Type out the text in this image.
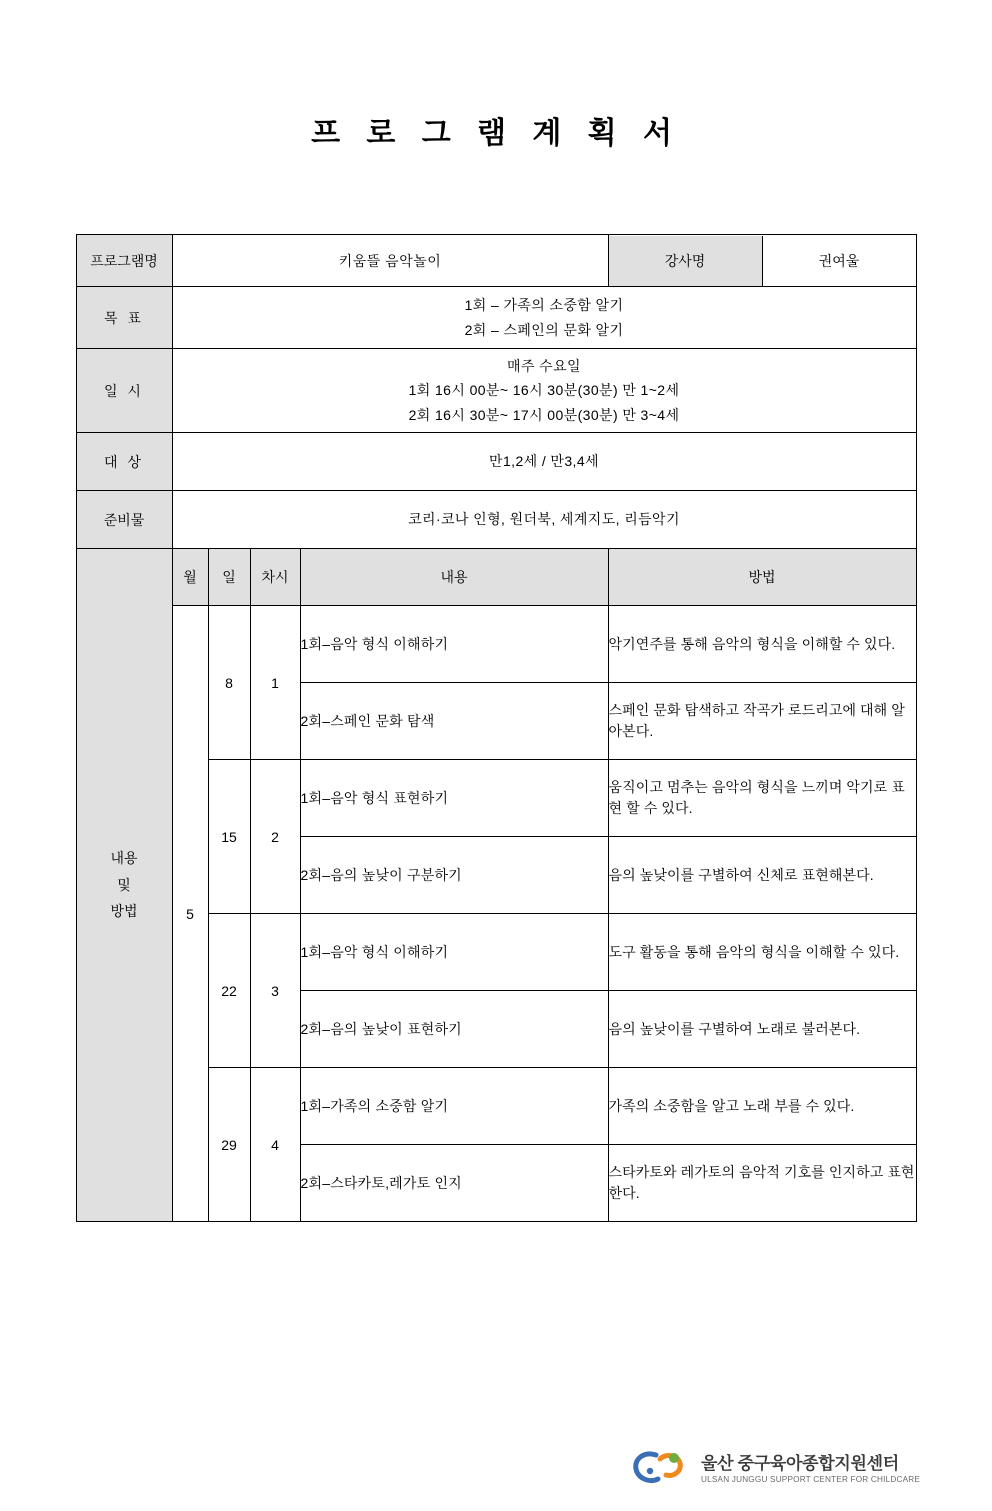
프 로 그 램 계 획 서
프로그램명	키움뜰 음악놀이		강사명	권여울

목 표	
1회 – 가족의 소중함 알기
2회 – 스페인의 문화 알기

일 시	
매주 수요일
1회 16시 00분~ 16시 30분(30분) 만 1~2세
2회 16시 30분~ 17시 00분(30분) 만 3~4세

대 상	만1,2세 / 만3,4세
준비물	코리·코나 인형, 원더북, 세계지도, 리듬악기

내용
및
방법
	월	일	차시	내용	방법
5	8	1	1회–음악 형식 이해하기	악기연주를 통해 음악의 형식을 이해할 수 있다.
2회–스페인 문화 탐색	스페인 문화 탐색하고 작곡가 로드리고에 대해 알아본다.
15	2	1회–음악 형식 표현하기	움직이고 멈추는 음악의 형식을 느끼며 악기로 표현 할 수 있다.
2회–음의 높낮이 구분하기	음의 높낮이를 구별하여 신체로 표현해본다.
22	3	1회–음악 형식 이해하기	도구 활동을 통해 음악의 형식을 이해할 수 있다.
2회–음의 높낮이 표현하기	음의 높낮이를 구별하여 노래로 불러본다.
29	4	1회–가족의 소중함 알기	가족의 소중함을 알고 노래 부를 수 있다.
2회–스타카토,레가토 인지	스타카토와 레가토의 음악적 기호를 인지하고 표현한다.
울산 중구육아종합지원센터
ULSAN JUNGGU SUPPORT CENTER FOR CHILDCARE
